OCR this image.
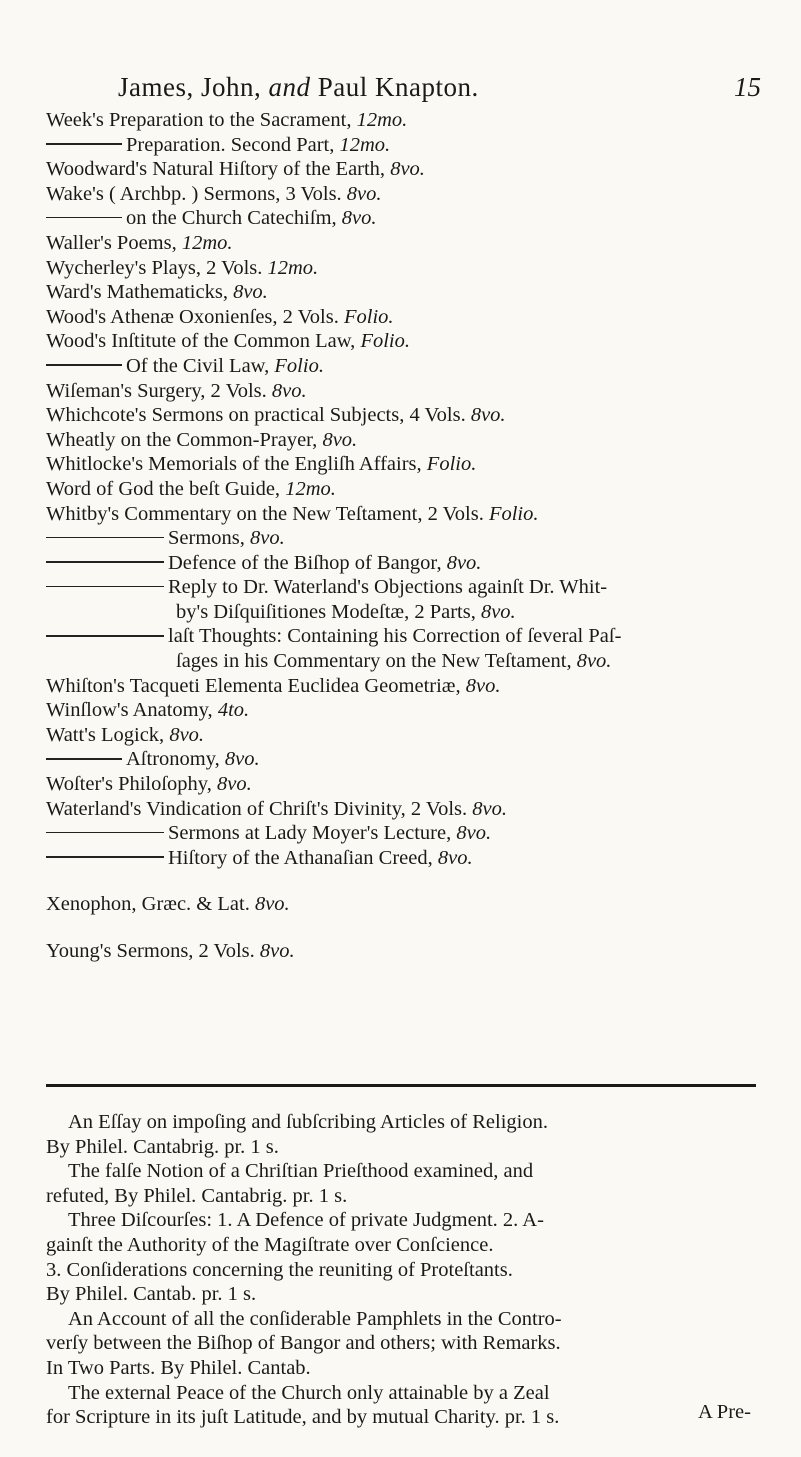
James, John, and Paul Knapton.	15
Week's Preparation to the Sacrament, 12mo.
Preparation. Second Part, 12mo.
Woodward's Natural Hiſtory of the Earth, 8vo.
Wake's ( Archbp. ) Sermons, 3 Vols. 8vo.
on the Church Catechiſm, 8vo.
Waller's Poems, 12mo.
Wycherley's Plays, 2 Vols. 12mo.
Ward's Mathematicks, 8vo.
Wood's Athenæ Oxonienſes, 2 Vols. Folio.
Wood's Inſtitute of the Common Law, Folio.
Of the Civil Law, Folio.
Wiſeman's Surgery, 2 Vols. 8vo.
Whichcote's Sermons on practical Subjects, 4 Vols. 8vo.
Wheatly on the Common-Prayer, 8vo.
Whitlocke's Memorials of the Engliſh Affairs, Folio.
Word of God the beſt Guide, 12mo.
Whitby's Commentary on the New Teſtament, 2 Vols. Folio.
Sermons, 8vo.
Defence of the Biſhop of Bangor, 8vo.
Reply to Dr. Waterland's Objections againſt Dr. Whit-
by's Diſquiſitiones Modeſtæ, 2 Parts, 8vo.
laſt Thoughts: Containing his Correction of ſeveral Paſ-
ſages in his Commentary on the New Teſtament, 8vo.
Whiſton's Tacqueti Elementa Euclidea Geometriæ, 8vo.
Winſlow's Anatomy, 4to.
Watt's Logick, 8vo.
Aſtronomy, 8vo.
Woſter's Philoſophy, 8vo.
Waterland's Vindication of Chriſt's Divinity, 2 Vols. 8vo.
Sermons at Lady Moyer's Lecture, 8vo.
Hiſtory of the Athanaſian Creed, 8vo.
Xenophon, Græc. & Lat. 8vo.
Young's Sermons, 2 Vols. 8vo.
An Eſſay on impoſing and ſubſcribing Articles of Religion.
By Philel. Cantabrig. pr. 1 s.
The falſe Notion of a Chriſtian Prieſthood examined, and
refuted, By Philel. Cantabrig. pr. 1 s.
Three Diſcourſes: 1. A Defence of private Judgment. 2. A-
gainſt the Authority of the Magiſtrate over Conſcience.
3. Conſiderations concerning the reuniting of Proteſtants.
By Philel. Cantab. pr. 1 s.
An Account of all the conſiderable Pamphlets in the Contro-
verſy between the Biſhop of Bangor and others; with Remarks.
In Two Parts. By Philel. Cantab.
The external Peace of the Church only attainable by a Zeal
for Scripture in its juſt Latitude, and by mutual Charity. pr. 1 s.	A Pre-
